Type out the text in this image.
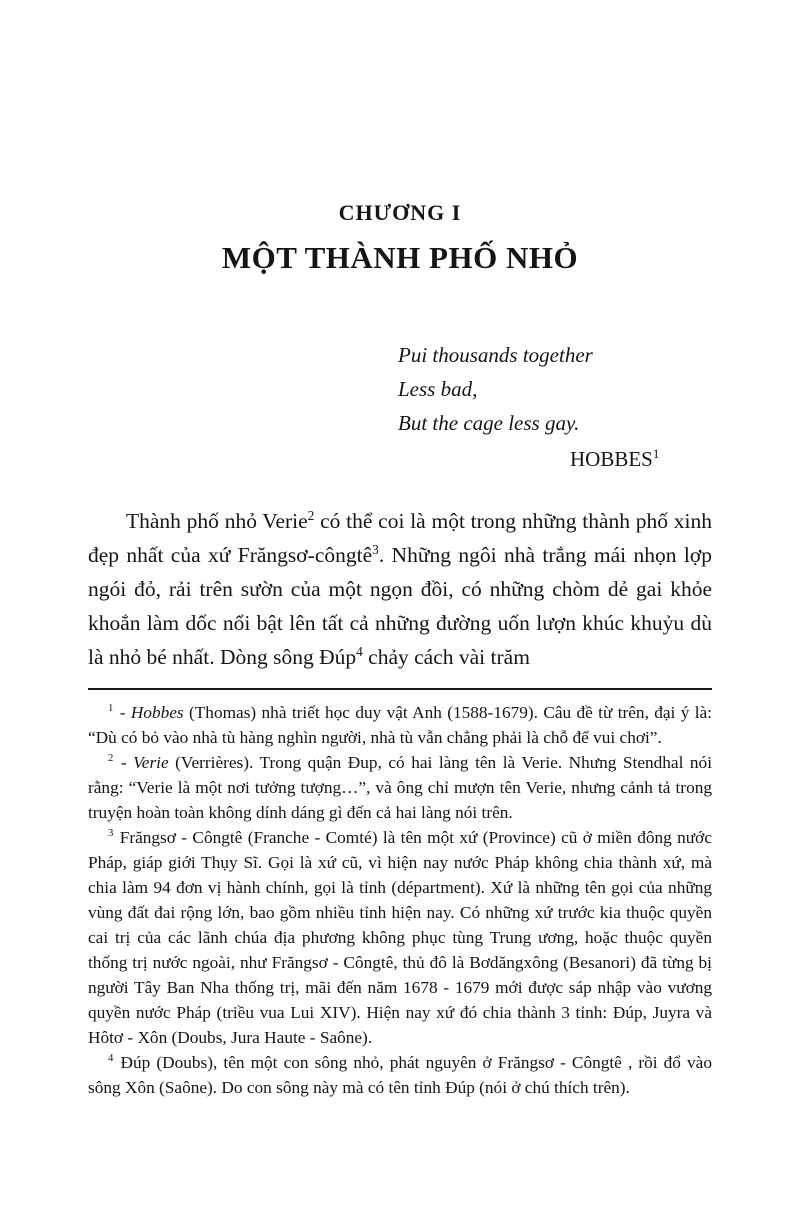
CHƯƠNG I
MỘT THÀNH PHỐ NHỎ
Pui thousands together
Less bad,
But the cage less gay.
HOBBES$^1$

Thành phố nhỏ Verie$^2$ có thể coi là một trong những thành phố xinh đẹp nhất của xứ Frăngsơ-côngtê$^3$. Những ngôi nhà trắng mái nhọn lợp ngói đỏ, rải trên sườn của một ngọn đồi, có những chòm dẻ gai khỏe khoắn làm dốc nổi bật lên tất cả những đường uốn lượn khúc khuỷu dù là nhỏ bé nhất. Dòng sông Đúp$^4$ chảy cách vài trăm

$^1$ - Hobbes (Thomas) nhà triết học duy vật Anh (1588-1679). Câu đề từ trên, đại ý là: “Dù có bỏ vào nhà tù hàng nghìn người, nhà tù vẫn chẳng phải là chỗ để vui chơi”.

$^2$ - Verie (Verrières). Trong quận Đup, có hai làng tên là Verie. Nhưng Stendhal nói rằng: “Verie là một nơi tưởng tượng…”, và ông chỉ mượn tên Verie, nhưng cảnh tả trong truyện hoàn toàn không dính dáng gì đến cả hai làng nói trên.

$^3$ Frăngsơ - Côngtê (Franche - Comté) là tên một xứ (Province) cũ ở miền đông nước Pháp, giáp giới Thụy Sĩ. Gọi là xứ cũ, vì hiện nay nước Pháp không chia thành xứ, mà chia làm 94 đơn vị hành chính, gọi là tỉnh (départment). Xứ là những tên gọi của những vùng đất đai rộng lớn, bao gồm nhiều tỉnh hiện nay. Có những xứ trước kia thuộc quyền cai trị của các lãnh chúa địa phương không phục tùng Trung ương, hoặc thuộc quyền thống trị nước ngoài, như Frăngsơ - Côngtê, thủ đô là Bơdăngxông (Besanori) đã từng bị người Tây Ban Nha thống trị, mãi đến năm 1678 - 1679 mới được sáp nhập vào vương quyền nước Pháp (triều vua Lui XIV). Hiện nay xứ đó chia thành 3 tỉnh: Đúp, Juyra và Hôtơ - Xôn (Doubs, Jura Haute - Saône).

$^4$ Đúp (Doubs), tên một con sông nhỏ, phát nguyên ở Frăngsơ - Côngtê , rồi đổ vào sông Xôn (Saône). Do con sông này mà có tên tỉnh Đúp (nói ở chú thích trên).
